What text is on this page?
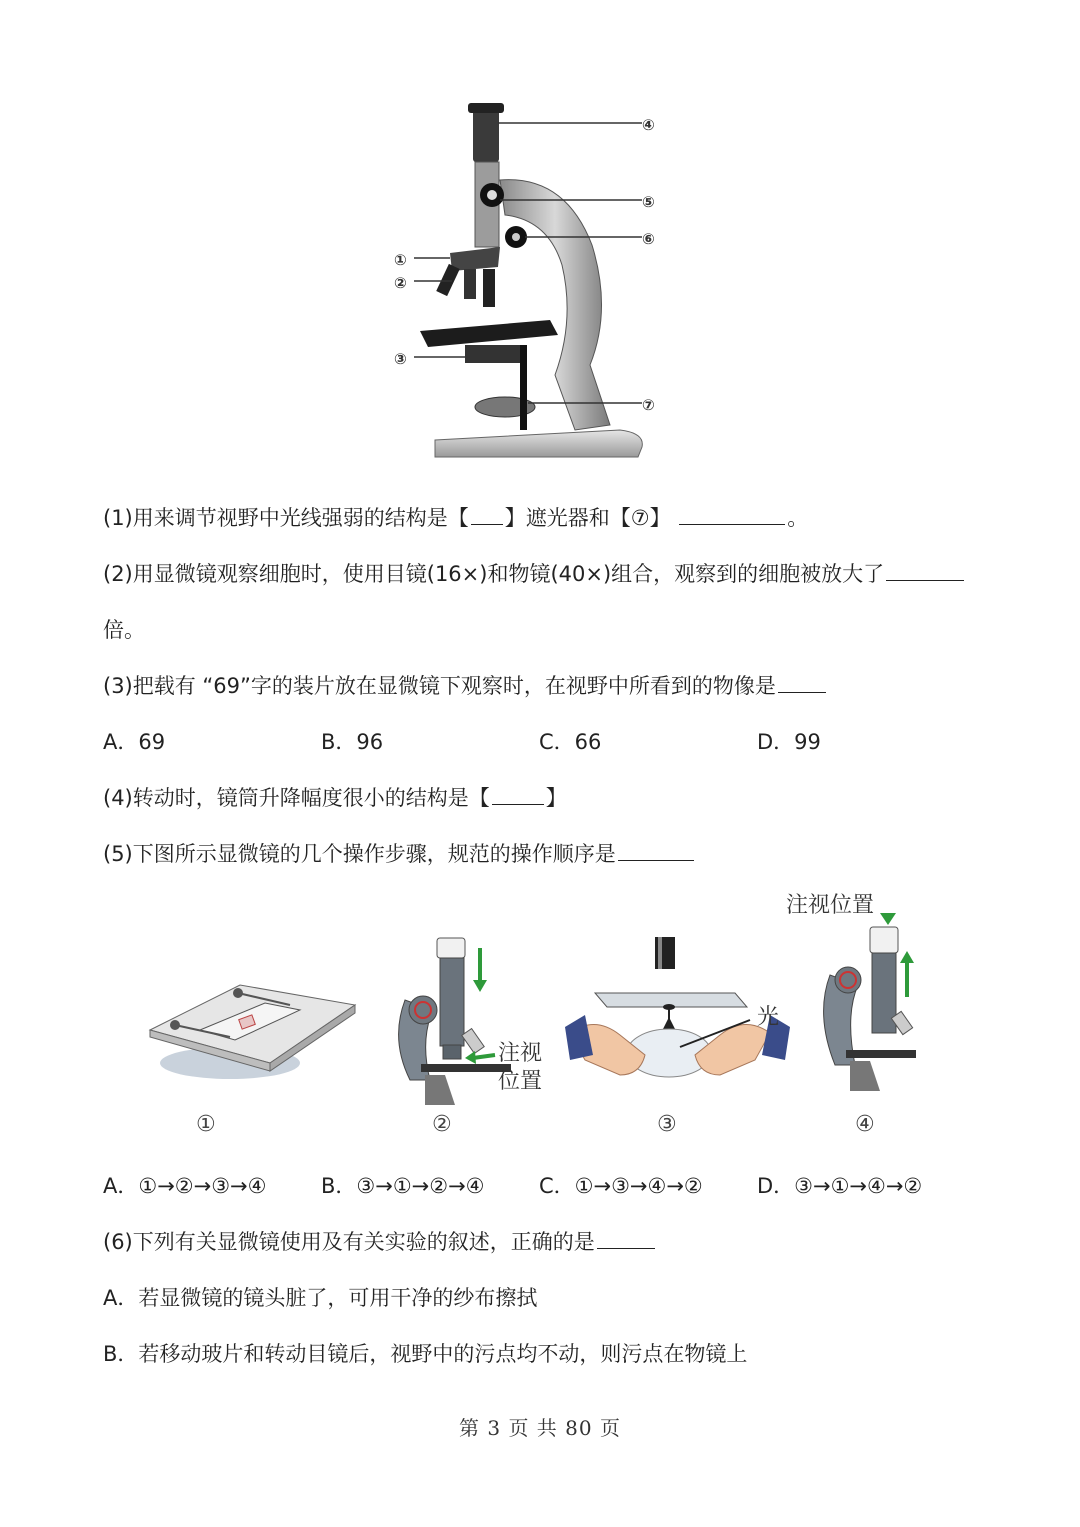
④
⑤
⑥
①
②
③
⑦
(1)用来调节视野中光线强弱的结构是【 】遮光器和【⑦】	。
(2)用显微镜观察细胞时，使用目镜(16×)和物镜(40×)组合，观察到的细胞被放大了
倍。
(3)把载有 “69”字的装片放在显微镜下观察时，在视野中所看到的物像是
A．69	B．96	C．66	D．99
(4)转动时，镜筒升降幅度很小的结构是【	】
(5)下图所示显微镜的几个操作步骤，规范的操作顺序是
注视
位置
光
注视位置
①	②	③	④
A．①→②→③→④	B．③→①→②→④	C．①→③→④→②	D．③→①→④→②
(6)下列有关显微镜使用及有关实验的叙述，正确的是
A．若显微镜的镜头脏了，可用干净的纱布擦拭
B．若移动玻片和转动目镜后，视野中的污点均不动，则污点在物镜上
第 3 页 共 80 页
